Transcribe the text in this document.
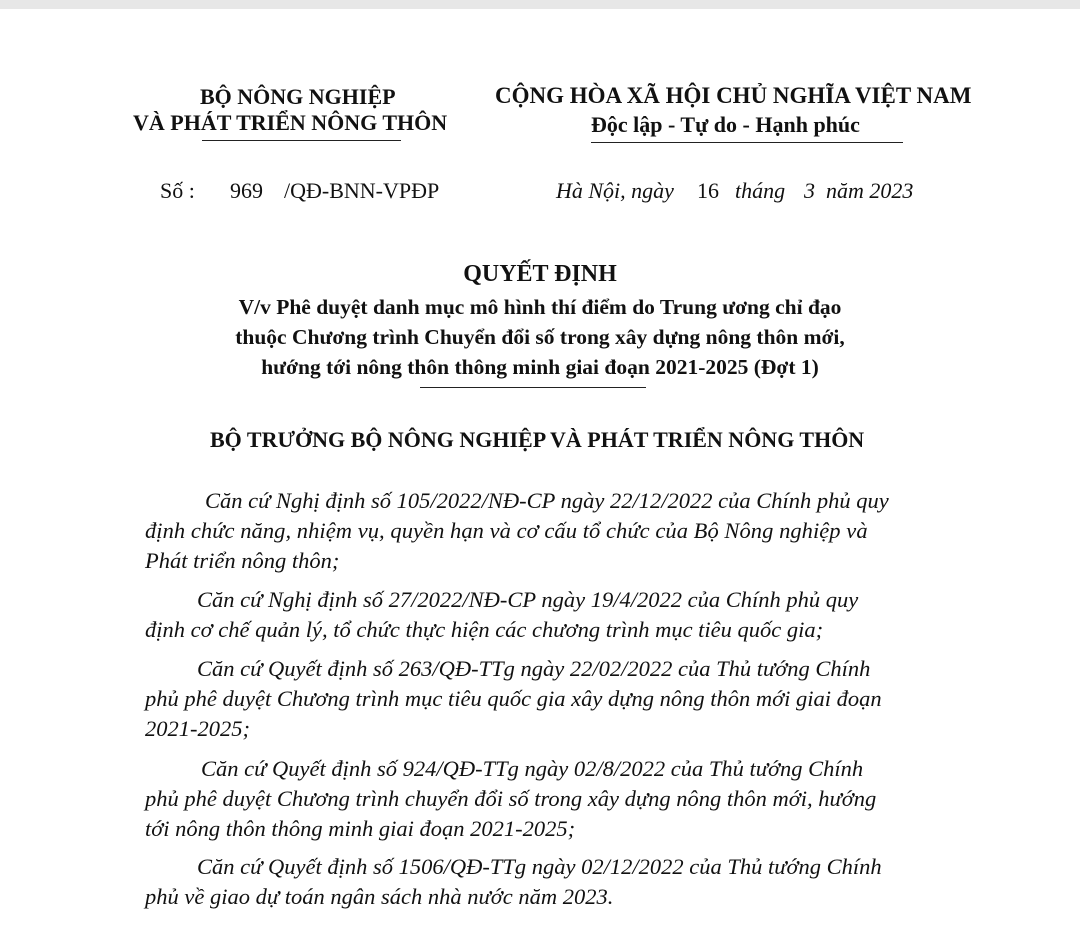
BỘ NÔNG NGHIỆP
VÀ PHÁT TRIỂN NÔNG THÔN
CỘNG HÒA XÃ HỘI CHỦ NGHĨA VIỆT NAM
Độc lập - Tự do - Hạnh phúc
Số : 969 /QĐ-BNN-VPĐP	Hà Nội, ngày 16 tháng 3 năm 2023
QUYẾT ĐỊNH
V/v Phê duyệt danh mục mô hình thí điểm do Trung ương chỉ đạo
thuộc Chương trình Chuyển đổi số trong xây dựng nông thôn mới,
hướng tới nông thôn thông minh giai đoạn 2021-2025 (Đợt 1)
BỘ TRƯỞNG BỘ NÔNG NGHIỆP VÀ PHÁT TRIỂN NÔNG THÔN
Căn cứ Nghị định số 105/2022/NĐ-CP ngày 22/12/2022 của Chính phủ quy
định chức năng, nhiệm vụ, quyền hạn và cơ cấu tổ chức của Bộ Nông nghiệp và
Phát triển nông thôn;
Căn cứ Nghị định số 27/2022/NĐ-CP ngày 19/4/2022 của Chính phủ quy
định cơ chế quản lý, tổ chức thực hiện các chương trình mục tiêu quốc gia;
Căn cứ Quyết định số 263/QĐ-TTg ngày 22/02/2022 của Thủ tướng Chính
phủ phê duyệt Chương trình mục tiêu quốc gia xây dựng nông thôn mới giai đoạn
2021-2025;
Căn cứ Quyết định số 924/QĐ-TTg ngày 02/8/2022 của Thủ tướng Chính
phủ phê duyệt Chương trình chuyển đổi số trong xây dựng nông thôn mới, hướng
tới nông thôn thông minh giai đoạn 2021-2025;
Căn cứ Quyết định số 1506/QĐ-TTg ngày 02/12/2022 của Thủ tướng Chính
phủ về giao dự toán ngân sách nhà nước năm 2023.
